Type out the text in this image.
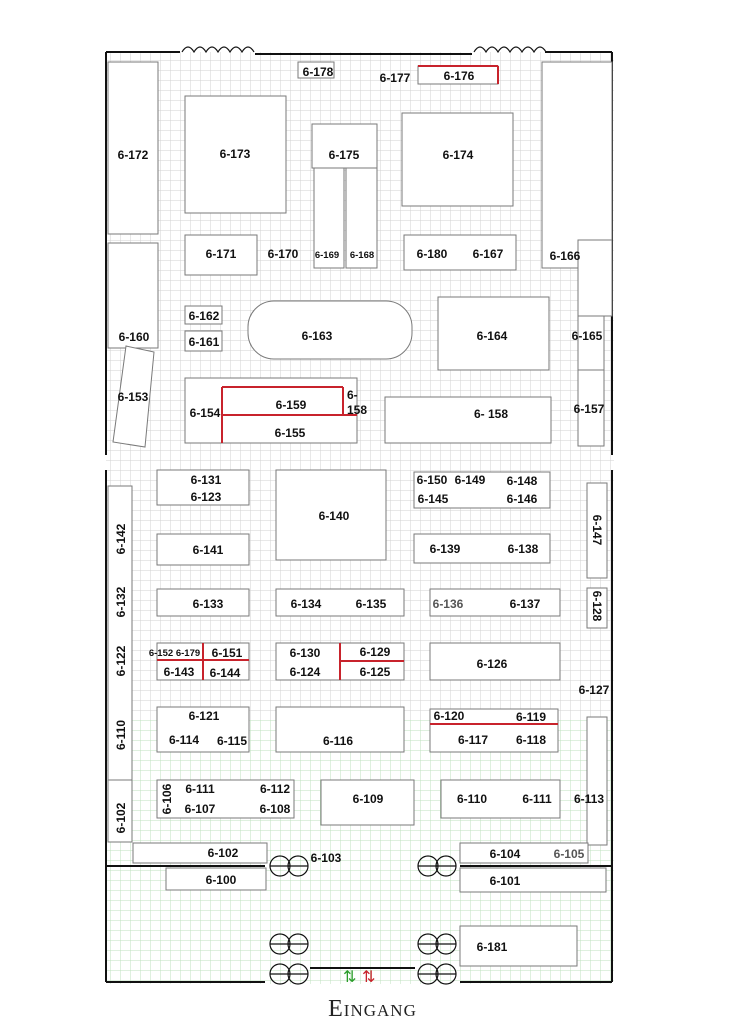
⇅ ⇅
6-172	6-173	6-175	6-174
6-178	6-177	6-176
6-171	6-170 6-169 6-168	6-180 6-167	6-166
6-162
6-161
6-160	6-163	6-164	6-165
6-153
6-154
6-159
6-155
6-
158	6- 158	6-157
6-131
6-123
6-140
6-150 6-149 6-148
6-145	6-146
6-142	6-147
6-141	6-139	6-138
6-132	6-133	6-134	6-135	6-136	6-137	6-128
6-122 6-152 6-179 6-151
6-143 6-144
6-130	6-129
6-124	6-125
6-126
6-127
6-110
6-121
6-114 6-115	6-116
6-120	6-119
6-117 6-118
6-102
6-106 6-111	6-112
6-107	6-108
6-109	6-110	6-111 6-113
6-102	6-103	6-104	6-105
6-100	6-101
6-181
Eingang
